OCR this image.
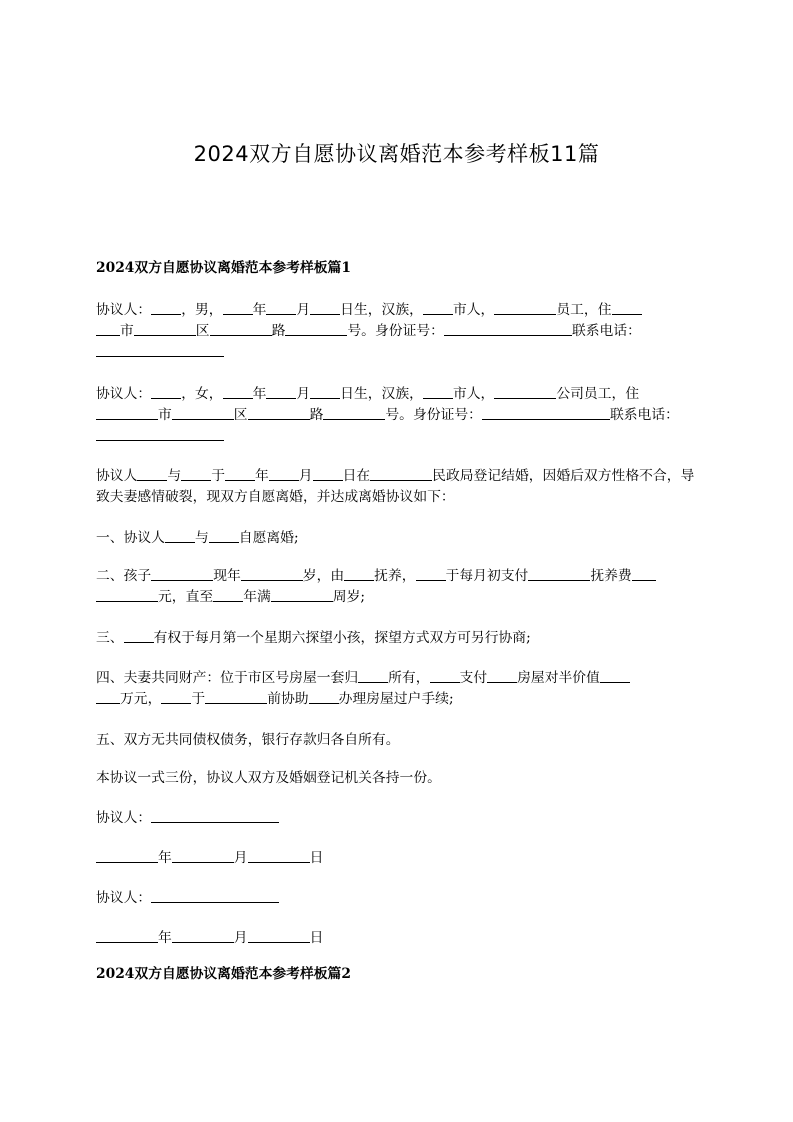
2024双方自愿协议离婚范本参考样板11篇

2024双方自愿协议离婚范本参考样板篇1

协议人： ，男， 年 月 日生，汉族， 市人，	员工，住
市	区	路	号。身份证号：	联系电话：

协议人： ，女， 年 月 日生，汉族， 市人，	公司员工，住市	区	路	号。身份证号：	联系电话：

协议人 与 于 年 月 日在	民政局登记结婚，因婚后双方性格不合，导致夫妻感情破裂，现双方自愿离婚，并达成离婚协议如下：

一、协议人 与 自愿离婚;

二、孩子	现年	岁，由 抚养， 于每月初支付	抚养费
元，直至 年满	周岁;

三、 有权于每月第一个星期六探望小孩，探望方式双方可另行协商;

四、夫妻共同财产：位于市区号房屋一套归 所有， 支付 房屋对半价值
万元， 于	前协助 办理房屋过户手续;

五、双方无共同债权债务，银行存款归各自所有。

本协议一式三份，协议人双方及婚姻登记机关各持一份。

协议人：

年	月	日

协议人：

年	月	日

2024双方自愿协议离婚范本参考样板篇2
